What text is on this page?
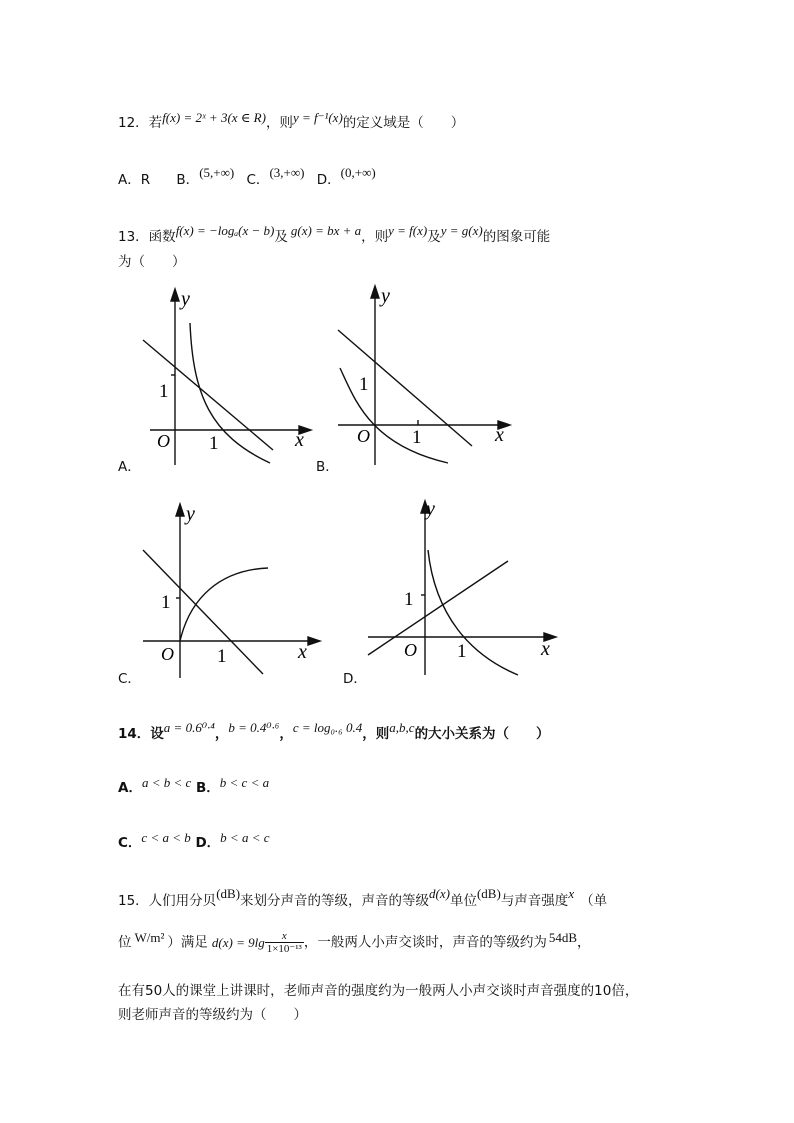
12．若f(x) = 2ˣ + 3(x ∈ R)，则y = f⁻¹(x)的定义域是（　　）
A．R B．(5,+∞) C．(3,+∞) D．(0,+∞)
13．函数f(x) = −logₐ(x − b)及 g(x) = bx + a，则y = f(x)及y = g(x)的图象可能
为（　　）
y
x
O
1
1
A．
y
x
O
1
1
B．
y
x
O
1
1
C．
y
x
O
1
1
D．
14．设a = 0.6⁰·⁴，b = 0.4⁰·⁶，c = log₀.₆ 0.4，则a,b,c的大小关系为（　　）
A．a < b < c B．b < c < a
C．c < a < b D．b < a < c
15．人们用分贝(dB)来划分声音的等级，声音的等级d(x)单位(dB)与声音强度x （单
位 W/m² ）满足 $d(x) = 9\lg \frac{x}{\text{1×10⁻¹³}}$ ，一般两人小声交谈时，声音的等级约为 54dB，
在有50人的课堂上讲课时，老师声音的强度约为一般两人小声交谈时声音强度的10倍，
则老师声音的等级约为（　　）
